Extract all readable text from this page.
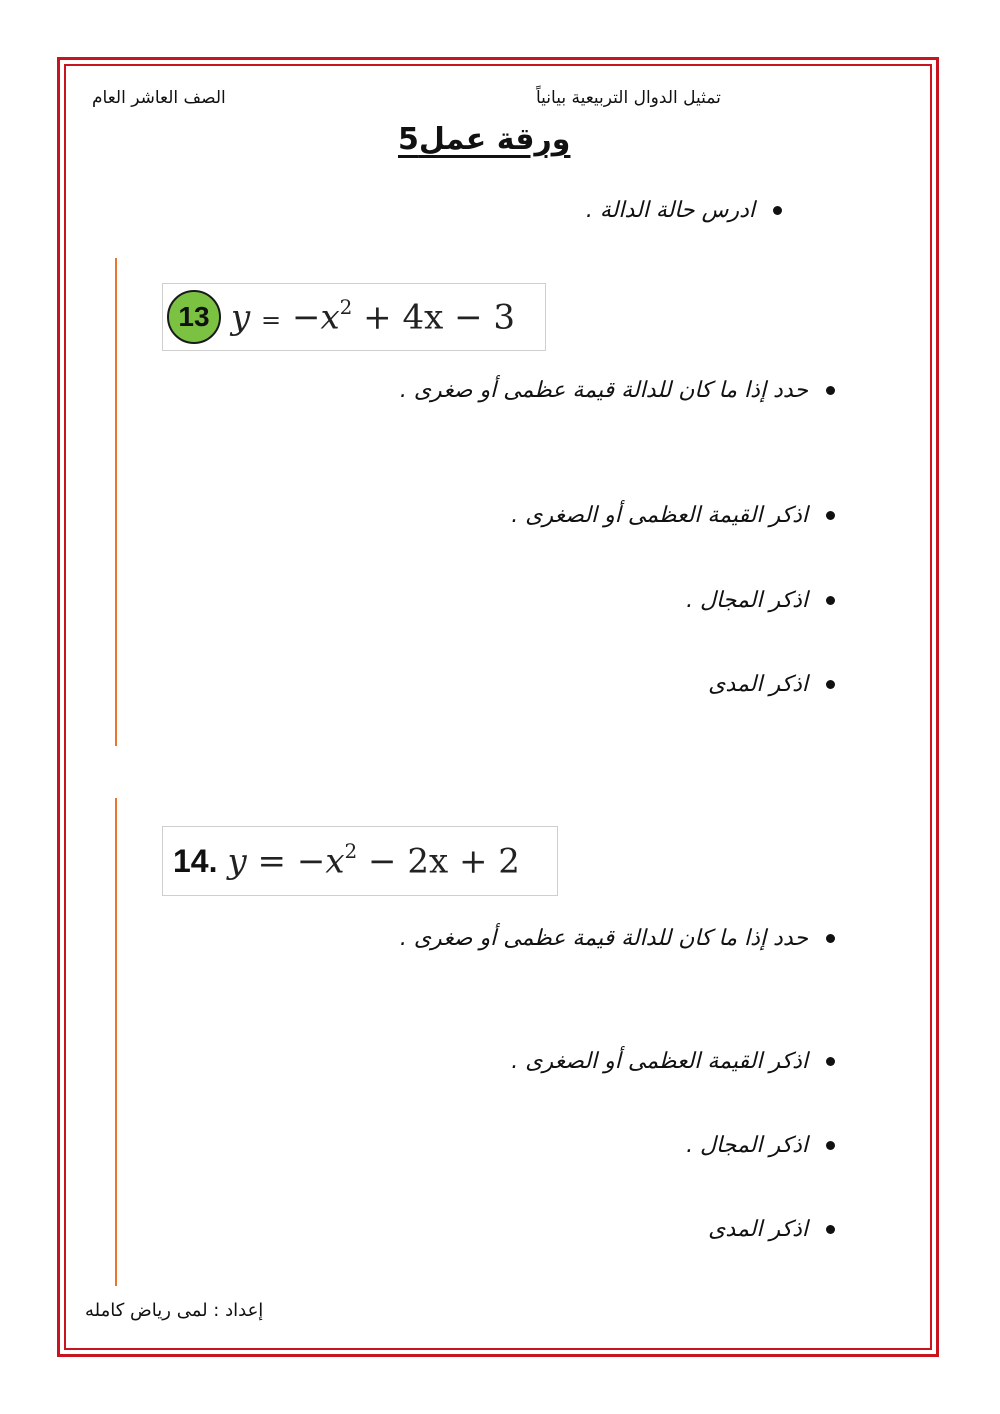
الصف العاشر العام	تمثيل الدوال التربيعية بيانياً
ورقة عمل5
ادرس حالة الدالة .
13 $y = -x^2 + 4x - 3$
حدد إذا ما كان للدالة قيمة عظمى أو صغرى .
اذكر القيمة العظمى أو الصغرى .
اذكر المجال .
اذكر المدى
14. $y = -x^2 - 2x + 2$
حدد إذا ما كان للدالة قيمة عظمى أو صغرى .
اذكر القيمة العظمى أو الصغرى .
اذكر المجال .
اذكر المدى
إعداد : لمى رياض كامله
